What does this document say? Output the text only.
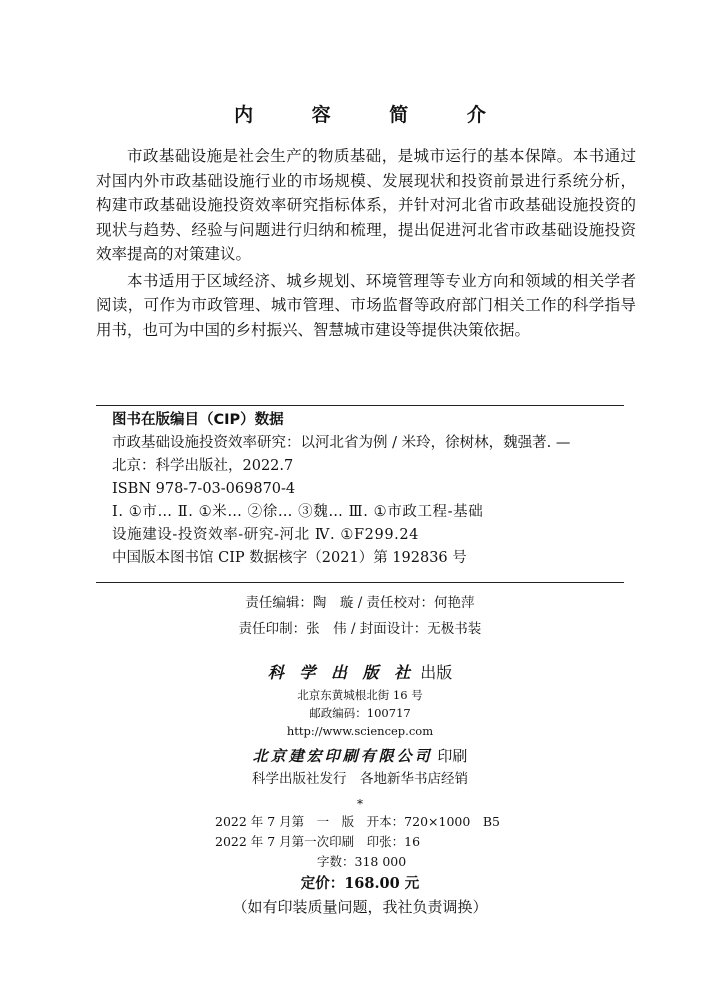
内 容 简 介

市政基础设施是社会生产的物质基础，是城市运行的基本保障。本书通过对国内外市政基础设施行业的市场规模、发展现状和投资前景进行系统分析，构建市政基础设施投资效率研究指标体系，并针对河北省市政基础设施投资的现状与趋势、经验与问题进行归纳和梳理，提出促进河北省市政基础设施投资效率提高的对策建议。

本书适用于区域经济、城乡规划、环境管理等专业方向和领域的相关学者阅读，可作为市政管理、城市管理、市场监督等政府部门相关工作的科学指导用书，也可为中国的乡村振兴、智慧城市建设等提供决策依据。

图书在版编目（CIP）数据
市政基础设施投资效率研究：以河北省为例 / 米玲，徐树林，魏强著. —
北京：科学出版社，2022.7
ISBN 978-7-03-069870-4
Ⅰ. ①市… Ⅱ. ①米… ②徐… ③魏… Ⅲ. ①市政工程-基础
设施建设-投资效率-研究-河北 Ⅳ. ①F299.24
中国版本图书馆 CIP 数据核字（2021）第 192836 号
责任编辑：陶　璇 / 责任校对：何艳萍
责任印制：张　伟 / 封面设计：无极书装
科 学 出 版 社 出版
北京东黄城根北街 16 号
邮政编码：100717
http://www.sciencep.com
北京建宏印刷有限公司 印刷
科学出版社发行　各地新华书店经销
*
2022 年 7 月第　一　版　开本：720×1000　B5
2022 年 7 月第一次印刷　印张：16
字数：318 000
定价：168.00 元
（如有印装质量问题，我社负责调换）
